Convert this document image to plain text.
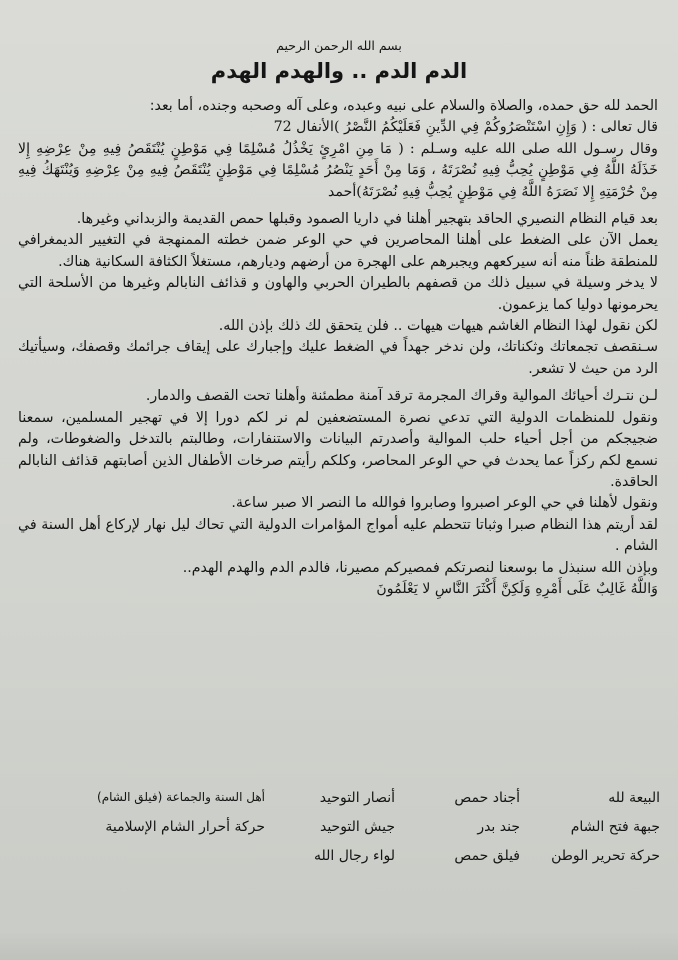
بسم الله الرحمن الرحيم
الدم الدم .. والهدم الهدم

الحمد لله حق حمده، والصلاة والسلام على نبيه وعبده، وعلى آله وصحبه وجنده، أما بعد:

قال تعالى : ( وَإِنِ اسْتَنْصَرُوكُمْ فِي الدِّينِ فَعَلَيْكُمُ النَّصْرُ )الأنفال 72

وقال رسـول الله صلى الله عليه وسـلم : ( مَا مِنِ امْرِئٍ يَخْذُلُ مُسْلِمًا فِي مَوْطِنٍ يُنْتَقَصُ فِيهِ مِنْ عِرْضِهِ إِلا خَذَلَهُ اللَّهُ فِي مَوْطِنٍ يُحِبُّ فِيهِ نُصْرَتَهُ ، وَمَا مِنْ أَحَدٍ يَنْصُرُ مُسْلِمًا فِي مَوْطِنٍ يُنْتَقَصُ فِيهِ مِنْ عِرْضِهِ وَيُنْتَهَكُ فِيهِ مِنْ حُرْمَتِهِ إِلا نَصَرَهُ اللَّهُ فِي مَوْطِنٍ يُحِبُّ فِيهِ نُصْرَتَهُ)أحمد

بعد قيام النظام النصيري الحاقد بتهجير أهلنا في داريا الصمود وقبلها حمص القديمة والزبداني وغيرها.

يعمل الآن على الضغط على أهلنا المحاصرين في حي الوعر ضمن خطته الممنهجة في التغيير الديمغرافي للمنطقة ظناً منه أنه سيركعهم ويجبرهم على الهجرة من أرضهم وديارهم، مستغلاً الكثافة السكانية هناك.

لا يدخر وسيلة في سبيل ذلك من قصفهم بالطيران الحربي والهاون و قذائف النابالم وغيرها من الأسلحة التي يحرمونها دوليا كما يزعمون.

لكن نقول لهذا النظام الغاشم هيهات هيهات .. فلن يتحقق لك ذلك بإذن الله.

سـنقصف تجمعاتك وثكناتك، ولن ندخر جهداً في الضغط عليك وإجبارك على إيقاف جرائمك وقصفك، وسيأتيك الرد من حيث لا تشعر.

لـن نتـرك أحيائك الموالية وقراك المجرمة ترقد آمنة مطمئنة وأهلنا تحت القصف والدمار.

ونقول للمنظمات الدولية التي تدعي نصرة المستضعفين لم نر لكم دورا إلا في تهجير المسلمين، سمعنا ضجيجكم من أجل أحياء حلب الموالية وأصدرتم البيانات والاستنفارات، وطالبتم بالتدخل والضغوطات، ولم نسمع لكم ركزاً عما يحدث في حي الوعر المحاصر، وكلكم رأيتم صرخات الأطفال الذين أصابتهم قذائف النابالم الحاقدة.

ونقول لأهلنا في حي الوعر اصبروا وصابروا فوالله ما النصر الا صبر ساعة.

لقد أريتم هذا النظام صبرا وثباتا تتحطم عليه أمواج المؤامرات الدولية التي تحاك ليل نهار لإركاع أهل السنة في الشام .

وبإذن الله سنبذل ما بوسعنا لنصرتكم فمصيركم مصيرنا، فالدم الدم والهدم الهدم..

وَاللَّهُ غَالِبٌ عَلَى أَمْرِهِ وَلَكِنَّ أَكْثَرَ النَّاسِ لا يَعْلَمُونَ

البيعة لله
أجناد حمص
أنصار التوحيد
أهل السنة والجماعة (فيلق الشام)
جبهة فتح الشام
جند بدر
جيش التوحيد
حركة أحرار الشام الإسلامية
حركة تحرير الوطن
فيلق حمص
لواء رجال الله
